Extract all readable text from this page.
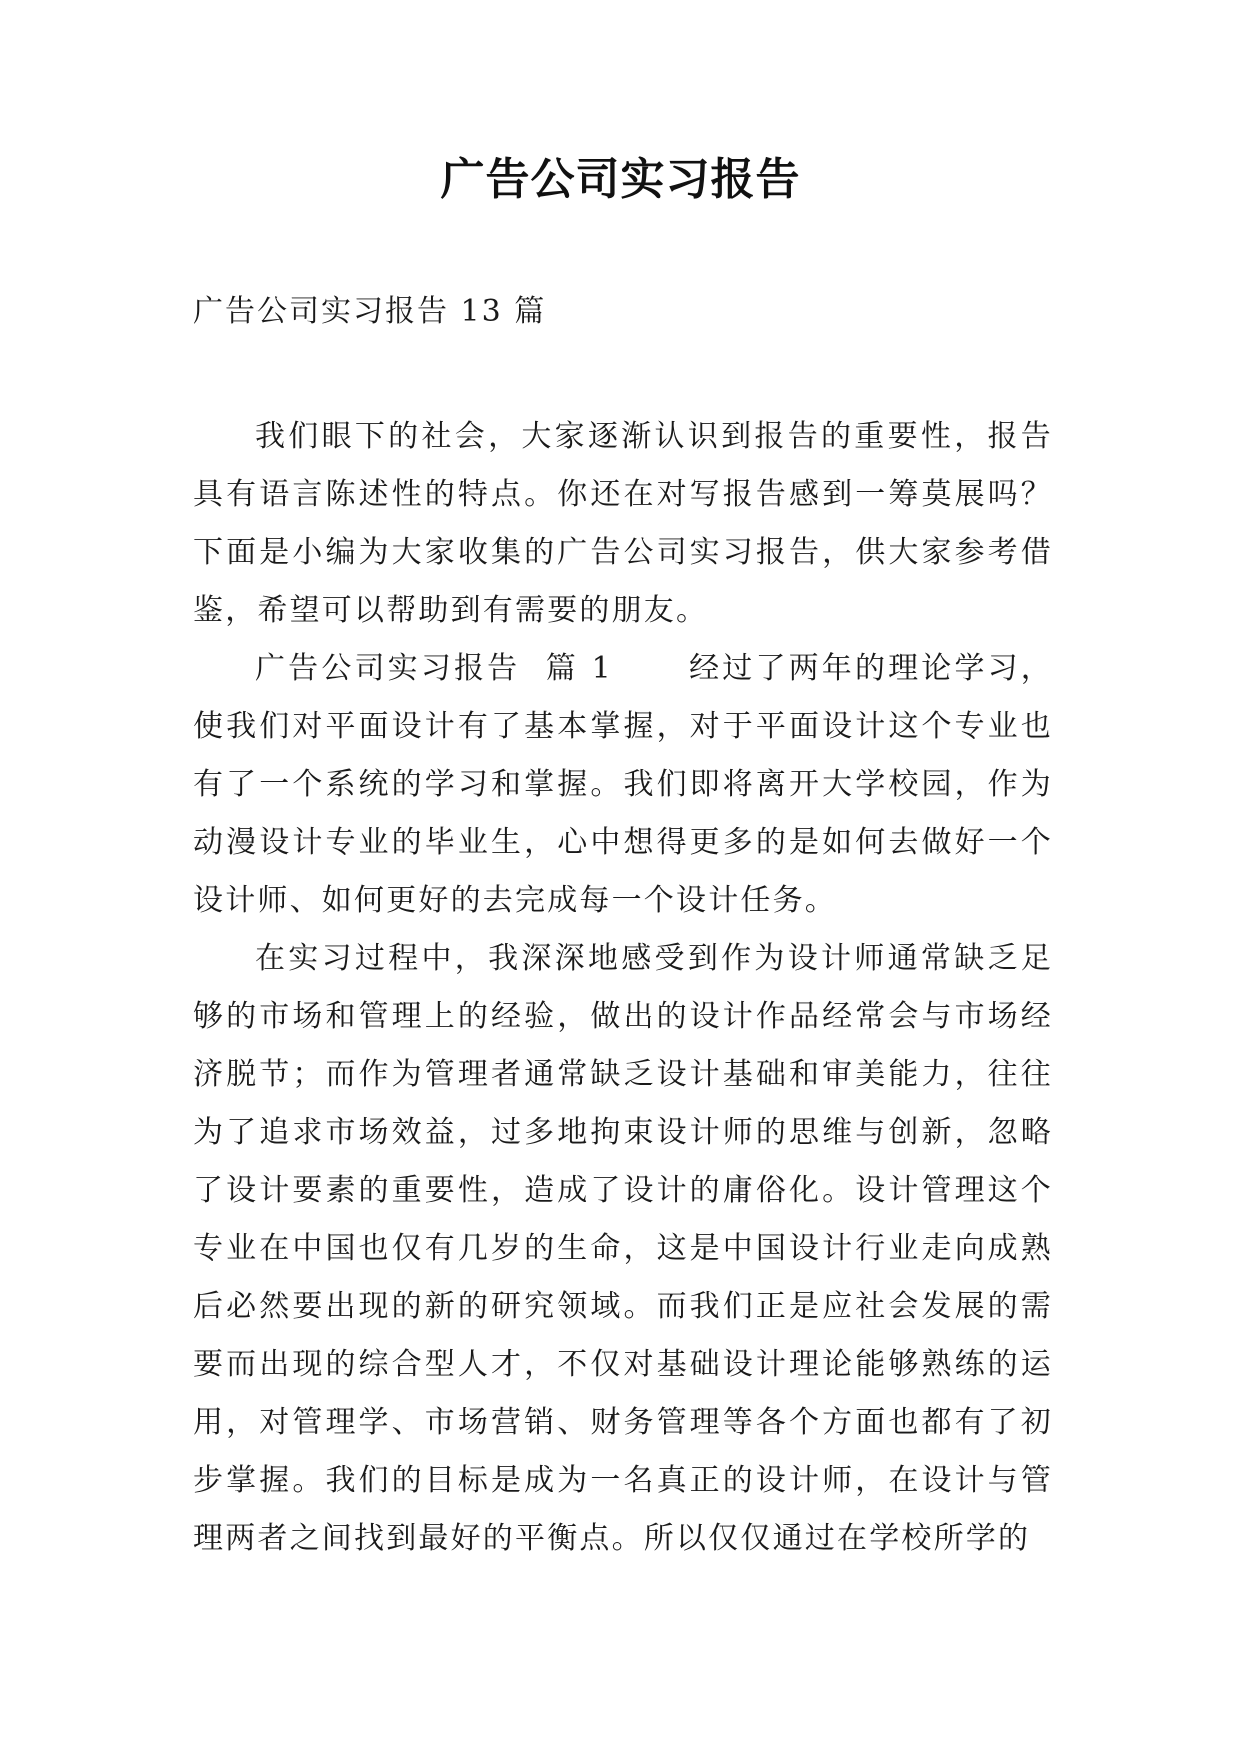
广告公司实习报告
广告公司实习报告 13 篇

我们眼下的社会，大家逐渐认识到报告的重要性，报告具有语言陈述性的特点。你还在对写报告感到一筹莫展吗？下面是小编为大家收集的广告公司实习报告，供大家参考借鉴，希望可以帮助到有需要的朋友。

广告公司实习报告  篇 1      经过了两年的理论学习，使我们对平面设计有了基本掌握，对于平面设计这个专业也有了一个系统的学习和掌握。我们即将离开大学校园，作为动漫设计专业的毕业生，心中想得更多的是如何去做好一个设计师、如何更好的去完成每一个设计任务。

在实习过程中，我深深地感受到作为设计师通常缺乏足够的市场和管理上的经验，做出的设计作品经常会与市场经济脱节；而作为管理者通常缺乏设计基础和审美能力，往往为了追求市场效益，过多地拘束设计师的思维与创新，忽略了设计要素的重要性，造成了设计的庸俗化。设计管理这个专业在中国也仅有几岁的生命，这是中国设计行业走向成熟后必然要出现的新的研究领域。而我们正是应社会发展的需要而出现的综合型人才，不仅对基础设计理论能够熟练的运用，对管理学、市场营销、财务管理等各个方面也都有了初步掌握。我们的目标是成为一名真正的设计师，在设计与管理两者之间找到最好的平衡点。所以仅仅通过在学校所学的
